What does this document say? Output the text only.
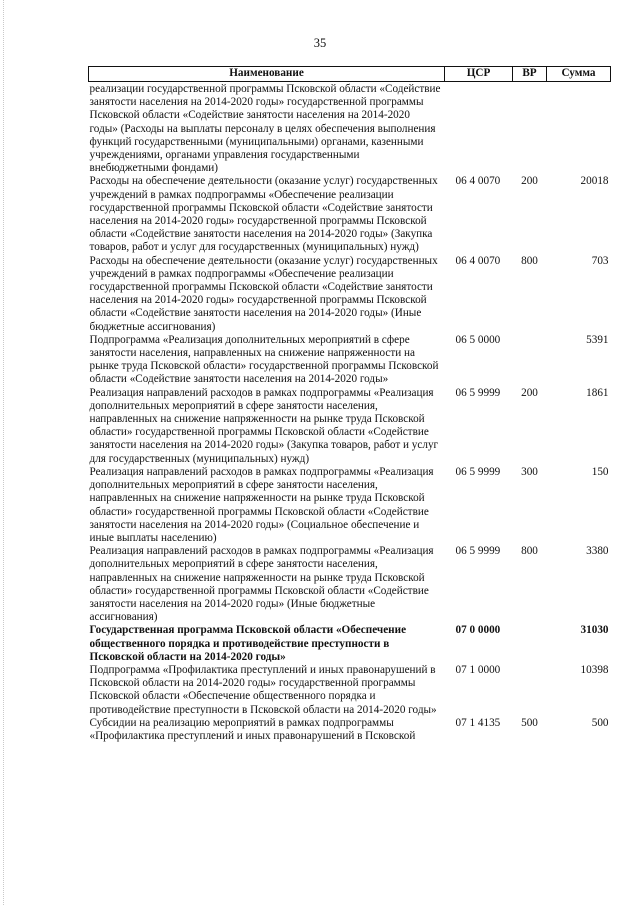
35
Наименование	ЦСР	ВР	Сумма
реализации государственной программы Псковской области «Содействие занятости населения на 2014-2020 годы» государственной программы Псковской области «Содействие занятости населения на 2014-2020 годы» (Расходы на выплаты персоналу в целях обеспечения выполнения функций государственными (муниципальными) органами, казенными учреждениями, органами управления государственными внебюджетными фондами)			
Расходы на обеспечение деятельности (оказание услуг) государственных учреждений в рамках подпрограммы «Обеспечение реализации государственной программы Псковской области «Содействие занятости населения на 2014-2020 годы» государственной программы Псковской области «Содействие занятости населения на 2014-2020 годы» (Закупка товаров, работ и услуг для государственных (муниципальных) нужд)	06 4 0070	200	20018
Расходы на обеспечение деятельности (оказание услуг) государственных учреждений в рамках подпрограммы «Обеспечение реализации государственной программы Псковской области «Содействие занятости населения на 2014-2020 годы» государственной программы Псковской области «Содействие занятости населения на 2014-2020 годы» (Иные бюджетные ассигнования)	06 4 0070	800	703
Подпрограмма «Реализация дополнительных мероприятий в сфере занятости населения, направленных на снижение напряженности на рынке труда Псковской области» государственной программы Псковской области «Содействие занятости населения на 2014-2020 годы»	06 5 0000		5391
Реализация направлений расходов в рамках подпрограммы «Реализация дополнительных мероприятий в сфере занятости населения, направленных на снижение напряженности на рынке труда Псковской области» государственной программы Псковской области «Содействие занятости населения на 2014-2020 годы» (Закупка товаров, работ и услуг для государственных (муниципальных) нужд)	06 5 9999	200	1861
Реализация направлений расходов в рамках подпрограммы «Реализация дополнительных мероприятий в сфере занятости населения, направленных на снижение напряженности на рынке труда Псковской области» государственной программы Псковской области «Содействие занятости населения на 2014-2020 годы» (Социальное обеспечение и иные выплаты населению)	06 5 9999	300	150
Реализация направлений расходов в рамках подпрограммы «Реализация дополнительных мероприятий в сфере занятости населения, направленных на снижение напряженности на рынке труда Псковской области» государственной программы Псковской области «Содействие занятости населения на 2014-2020 годы» (Иные бюджетные ассигнования)	06 5 9999	800	3380
Государственная программа Псковской области «Обеспечение общественного порядка и противодействие преступности в Псковской области на 2014-2020 годы»	07 0 0000		31030
Подпрограмма «Профилактика преступлений и иных правонарушений в Псковской области на 2014-2020 годы» государственной программы Псковской области «Обеспечение общественного порядка и противодействие преступности в Псковской области на 2014-2020 годы»	07 1 0000		10398
Субсидии на реализацию мероприятий в рамках подпрограммы «Профилактика преступлений и иных правонарушений в Псковской	07 1 4135	500	500
